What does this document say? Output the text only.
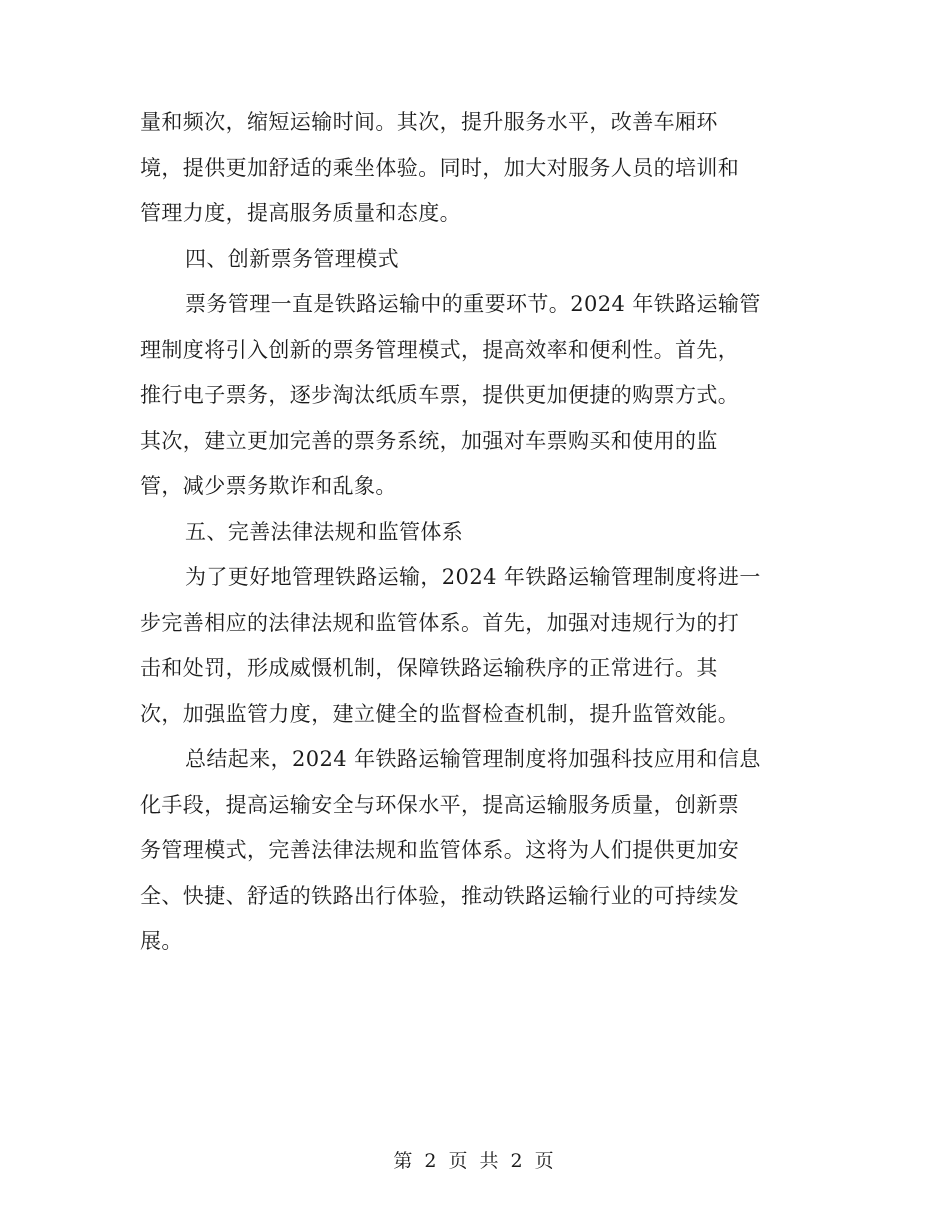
量和频次，缩短运输时间。其次，提升服务水平，改善车厢环
境，提供更加舒适的乘坐体验。同时，加大对服务人员的培训和
管理力度，提高服务质量和态度。
四、创新票务管理模式
票务管理一直是铁路运输中的重要环节。2024 年铁路运输管
理制度将引入创新的票务管理模式，提高效率和便利性。首先，
推行电子票务，逐步淘汰纸质车票，提供更加便捷的购票方式。
其次，建立更加完善的票务系统，加强对车票购买和使用的监
管，减少票务欺诈和乱象。
五、完善法律法规和监管体系
为了更好地管理铁路运输，2024 年铁路运输管理制度将进一
步完善相应的法律法规和监管体系。首先，加强对违规行为的打
击和处罚，形成威慑机制，保障铁路运输秩序的正常进行。其
次，加强监管力度，建立健全的监督检查机制，提升监管效能。
总结起来，2024 年铁路运输管理制度将加强科技应用和信息
化手段，提高运输安全与环保水平，提高运输服务质量，创新票
务管理模式，完善法律法规和监管体系。这将为人们提供更加安
全、快捷、舒适的铁路出行体验，推动铁路运输行业的可持续发
展。
第 2 页 共 2 页
